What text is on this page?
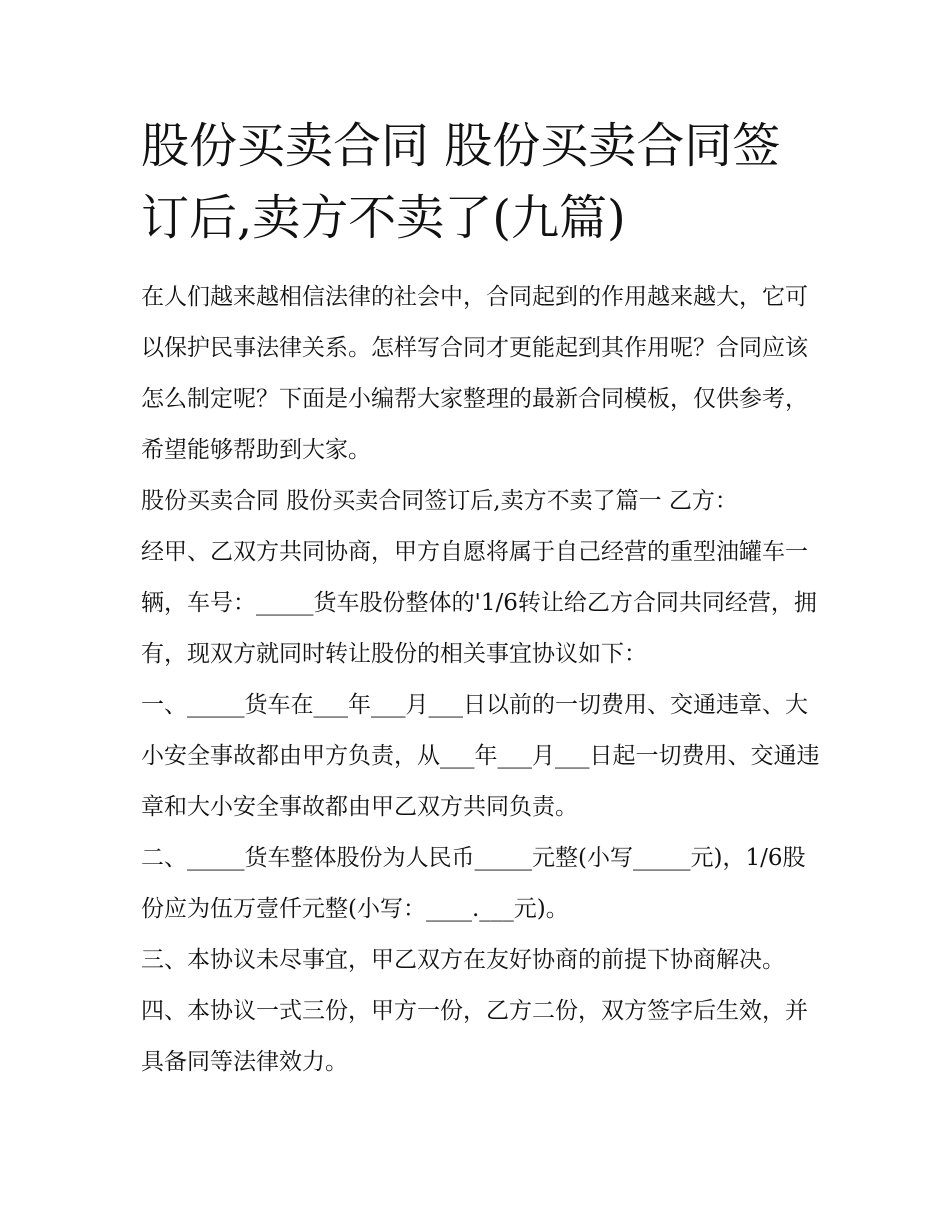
股份买卖合同 股份买卖合同签订后,卖方不卖了(九篇)

在人们越来越相信法律的社会中，合同起到的作用越来越大，它可以保护民事法律关系。怎样写合同才更能起到其作用呢？合同应该怎么制定呢？下面是小编帮大家整理的最新合同模板，仅供参考，希望能够帮助到大家。

股份买卖合同 股份买卖合同签订后,卖方不卖了篇一 乙方：

经甲、乙双方共同协商，甲方自愿将属于自己经营的重型油罐车一辆，车号：_____货车股份整体的'1/6转让给乙方合同共同经营，拥有，现双方就同时转让股份的相关事宜协议如下：

一、_____货车在___年___月___日以前的一切费用、交通违章、大小安全事故都由甲方负责，从___年___月___日起一切费用、交通违章和大小安全事故都由甲乙双方共同负责。

二、_____货车整体股份为人民币_____元整(小写_____元)，1/6股份应为伍万壹仟元整(小写：____.___元)。

三、本协议未尽事宜，甲乙双方在友好协商的前提下协商解决。 四、本协议一式三份，甲方一份，乙方二份，双方签字后生效，并具备同等法律效力。
